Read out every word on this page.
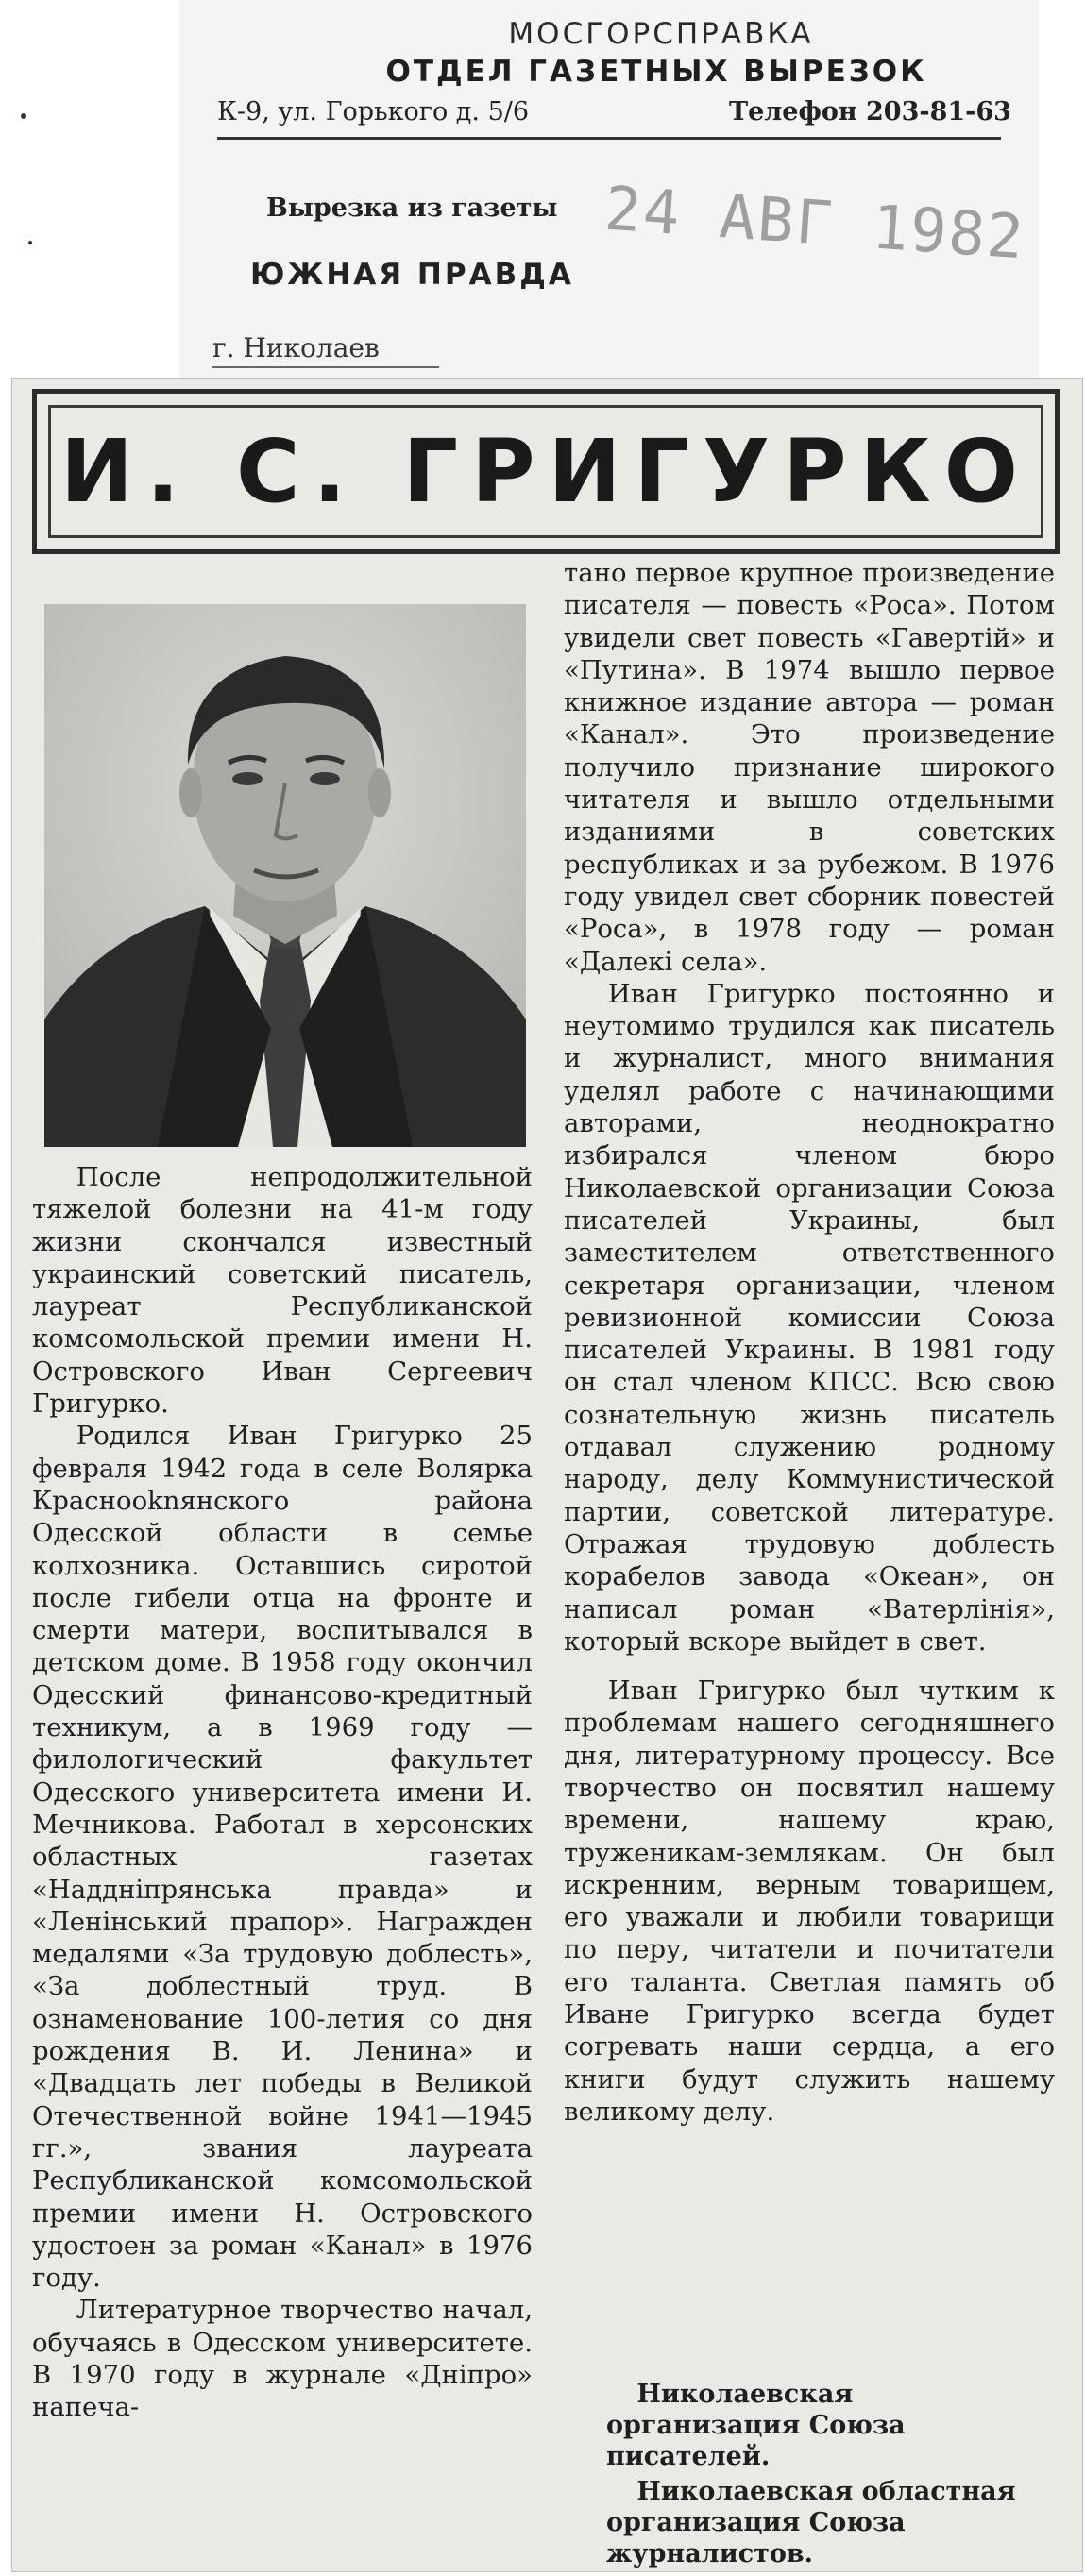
МОСГОРСПРАВКА
ОТДЕЛ ГАЗЕТНЫХ ВЫРЕЗОК
К-9, ул. Горького д. 5/6	Телефон 203-81-63
Вырезка из газеты
ЮЖНАЯ ПРАВДА
г. Николаев
24 АВГ 1982
И. С. ГРИГУРКО

После непродолжительной тяжелой болезни на 41-м году жизни скончался известный украинский советский писатель, лауреат Республиканской комсомольской премии имени Н. Островского Иван Сергеевич Григурко.

Родился Иван Григурко 25 февраля 1942 года в селе Волярка Краснооknянского района Одесской области в семье колхозника. Оставшись сиротой после гибели отца на фронте и смерти матери, воспитывался в детском доме. В 1958 году окончил Одесский финансово-кредитный техникум, а в 1969 году — филологический факультет Одесского университета имени И. Мечникова. Работал в херсонских областных газетах «Наддніпрянська правда» и «Ленінський прапор». Награжден медалями «За трудовую доблесть», «За доблестный труд. В ознаменование 100-летия со дня рождения В. И. Ленина» и «Двадцать лет победы в Великой Отечественной войне 1941—1945 гг.», звания лауреата Республиканской комсомольской премии имени Н. Островского удостоен за роман «Канал» в 1976 году.

Литературное творчество начал, обучаясь в Одесском университете. В 1970 году в журнале «Дніпро» напеча-

тано первое крупное произведение писателя — повесть «Роса». Потом увидели свет повесть «Гавертій» и «Путина». В 1974 вышло первое книжное издание автора — роман «Канал». Это произведение получило признание широкого читателя и вышло отдельными изданиями в советских республиках и за рубежом. В 1976 году увидел свет сборник повестей «Роса», в 1978 году — роман «Далекі села».

Иван Григурко постоянно и неутомимо трудился как писатель и журналист, много внимания уделял работе с начинающими авторами, неоднократно избирался членом бюро Николаевской организации Союза писателей Украины, был заместителем ответственного секретаря организации, членом ревизионной комиссии Союза писателей Украины. В 1981 году он стал членом КПСС. Всю свою сознательную жизнь писатель отдавал служению родному народу, делу Коммунистической партии, советской литературе. Отражая трудовую доблесть корабелов завода «Океан», он написал роман «Ватерлінія», который вскоре выйдет в свет.

Иван Григурко был чутким к проблемам нашего сегодняшнего дня, литературному процессу. Все творчество он посвятил нашему времени, нашему краю, труженикам-землякам. Он был искренним, верным товарищем, его уважали и любили товарищи по перу, читатели и почитатели его таланта. Светлая память об Иване Григурко всегда будет согревать наши сердца, а его книги будут служить нашему великому делу.

Николаевская организация Союза писателей.
Николаевская областная организация Союза журналистов.
